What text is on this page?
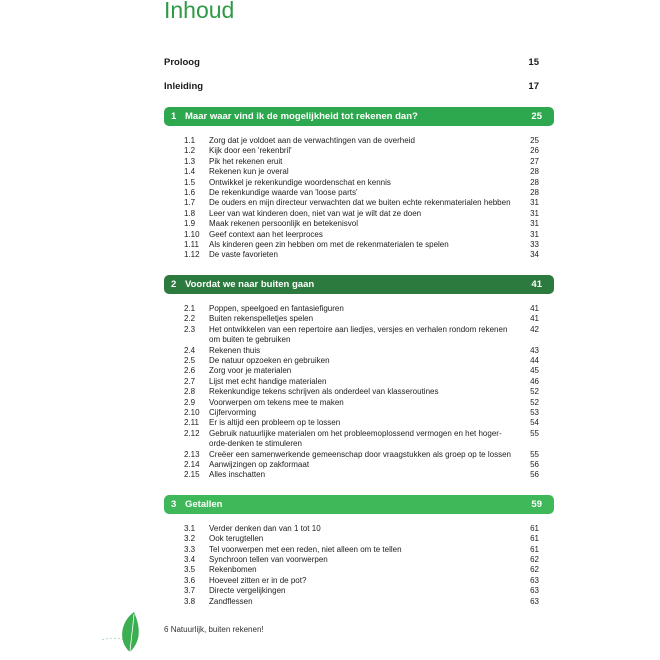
Inhoud
Proloog	15
Inleiding	17
1 Maar waar vind ik de mogelijkheid tot rekenen dan?	25
1.1	Zorg dat je voldoet aan de verwachtingen van de overheid	25
1.2	Kijk door een 'rekenbril'	26
1.3	Pik het rekenen eruit	27
1.4	Rekenen kun je overal	28
1.5	Ontwikkel je rekenkundige woordenschat en kennis	28
1.6	De rekenkundige waarde van 'loose parts'	28
1.7	De ouders en mijn directeur verwachten dat we buiten echte rekenmaterialen hebben	31
1.8	Leer van wat kinderen doen, niet van wat je wilt dat ze doen	31
1.9	Maak rekenen persoonlijk en betekenisvol	31
1.10	Geef context aan het leerproces	31
1.11	Als kinderen geen zin hebben om met de rekenmaterialen te spelen	33
1.12	De vaste favorieten	34
2 Voordat we naar buiten gaan	41
2.1	Poppen, speelgoed en fantasiefiguren	41
2.2	Buiten rekenspelletjes spelen	41
2.3	Het ontwikkelen van een repertoire aan liedjes, versjes en verhalen rondom rekenen om buiten te gebruiken
42
2.4	Rekenen thuis	43
2.5	De natuur opzoeken en gebruiken	44
2.6	Zorg voor je materialen	45
2.7	Lijst met echt handige materialen	46
2.8	Rekenkundige tekens schrijven als onderdeel van klasseroutines	52
2.9	Voorwerpen om tekens mee te maken	52
2.10	Cijfervorming	53
2.11	Er is altijd een probleem op te lossen	54
2.12	Gebruik natuurlijke materialen om het probleemoplossend vermogen en het hoger-orde-denken te stimuleren
55
2.13	Creëer een samenwerkende gemeenschap door vraagstukken als groep op te lossen	55
2.14	Aanwijzingen op zakformaat	56
2.15	Alles inschatten	56
3 Getallen	59
3.1	Verder denken dan van 1 tot 10	61
3.2	Ook terugtellen	61
3.3	Tel voorwerpen met een reden, niet alleen om te tellen	61
3.4	Synchroon tellen van voorwerpen	62
3.5	Rekenbomen	62
3.6	Hoeveel zitten er in de pot?	63
3.7	Directe vergelijkingen	63
3.8	Zandflessen	63
6 Natuurlijk, buiten rekenen!
